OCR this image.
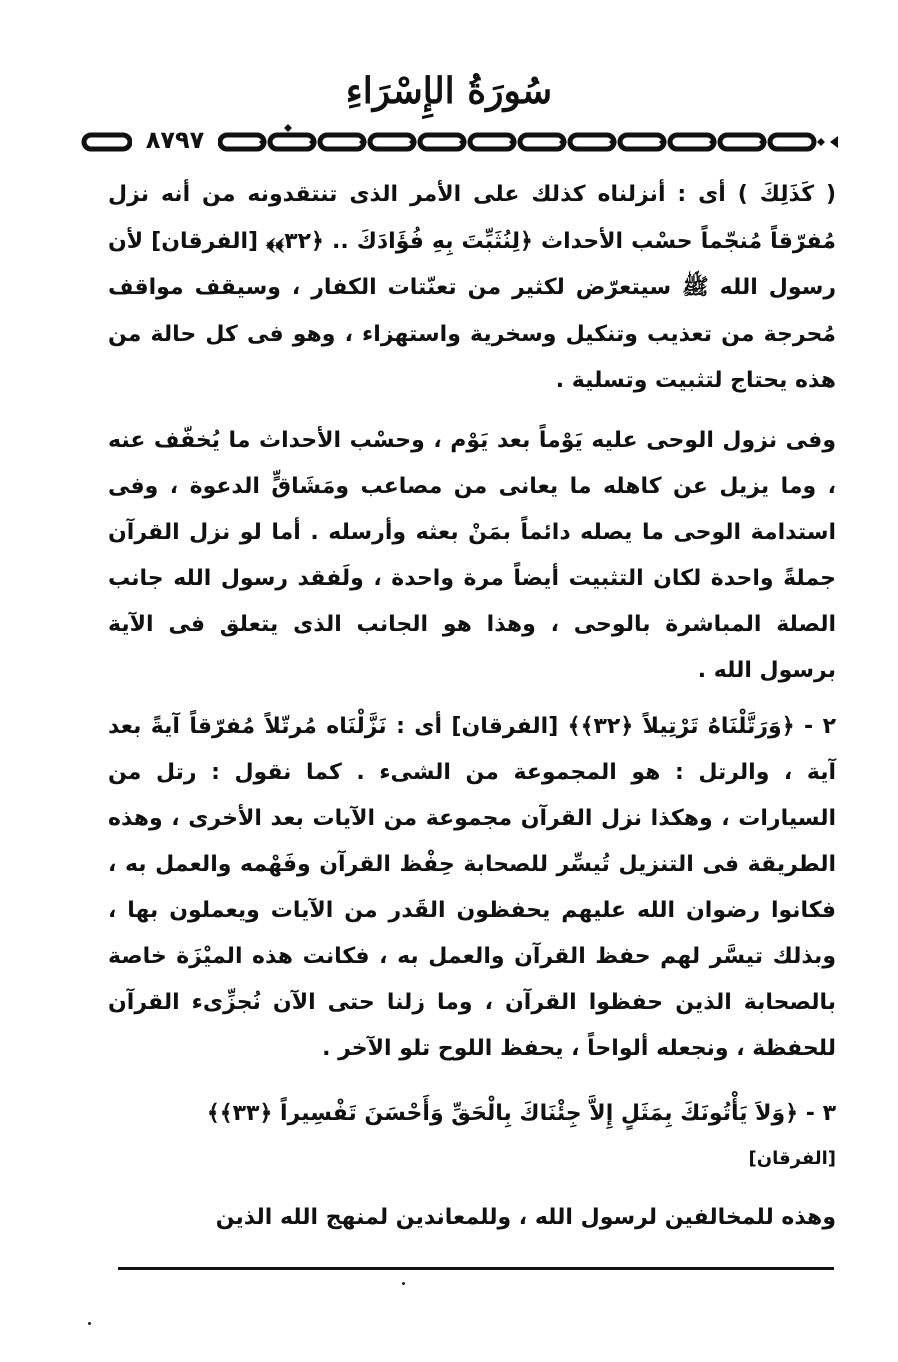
سُورَةُ الإِسْرَاءِ
٨٧٩٧

( كَذَلِكَ ) أى : أنزلناه كذلك على الأمر الذى تنتقدونه من أنه نزل مُفرّقاً مُنجّماً حسْب الأحداث ﴿لِنُثَبِّتَ بِهِ فُؤَادَكَ .. ﴿٣٢﴾﴾ [الفرقان] لأن رسول الله ﷺ سيتعرّض لكثير من تعنّتات الكفار ، وسيقف مواقف مُحرجة من تعذيب وتنكيل وسخرية واستهزاء ، وهو فى كل حالة من هذه يحتاج لتثبيت وتسلية .

وفى نزول الوحى عليه يَوْماً بعد يَوْم ، وحسْب الأحداث ما يُخفّف عنه ، وما يزيل عن كاهله ما يعانى من مصاعب ومَشَاقٍّ الدعوة ، وفى استدامة الوحى ما يصله دائماً بمَنْ بعثه وأرسله . أما لو نزل القرآن جملةً واحدة لكان التثبيت أيضاً مرة واحدة ، ولَفقد رسول الله جانب الصلة المباشرة بالوحى ، وهذا هو الجانب الذى يتعلق فى الآية برسول الله .

٢ - ﴿وَرَتَّلْنَاهُ تَرْتِيلاً ﴿٣٢﴾﴾ [الفرقان] أى : نَزَّلْنَاه مُرتّلاً مُفرّقاً آيةً بعد آية ، والرتل : هو المجموعة من الشىء . كما نقول : رتل من السيارات ، وهكذا نزل القرآن مجموعة من الآيات بعد الأخرى ، وهذه الطريقة فى التنزيل تُيسِّر للصحابة حِفْظ القرآن وفَهْمه والعمل به ، فكانوا رضوان الله عليهم يحفظون القَدر من الآيات ويعملون بها ، وبذلك تيسَّر لهم حفظ القرآن والعمل به ، فكانت هذه الميْزَة خاصة بالصحابة الذين حفظوا القرآن ، وما زلنا حتى الآن نُجزِّىء القرآن للحفظة ، ونجعله ألواحاً ، يحفظ اللوح تلو الآخر .

٣ - ﴿وَلاَ يَأْتُونَكَ بِمَثَلٍ إِلاَّ جِئْنَاكَ بِالْحَقِّ وَأَحْسَنَ تَفْسِيراً ﴿٣٣﴾﴾

[الفرقان]

وهذه للمخالفين لرسول الله ، وللمعاندين لمنهج الله الذين
